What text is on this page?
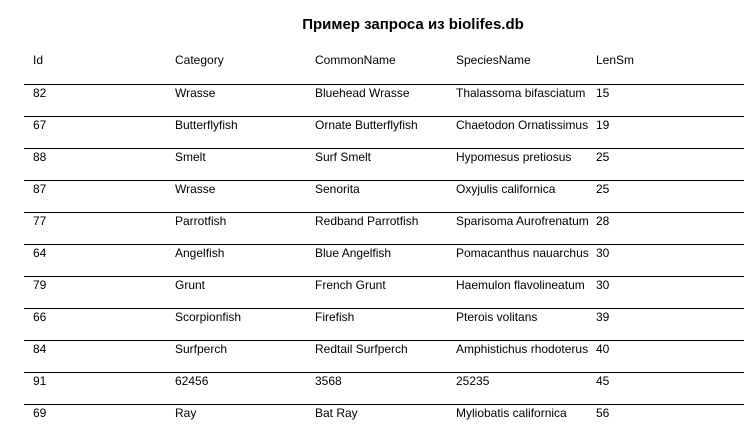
Пример запроса из biolifes.db
Id	Category	CommonName	SpeciesName	LenSm
82	Wrasse	Bluehead Wrasse	Thalassoma bifasciatum 15
67	Butterflyfish	Ornate Butterflyfish	Chaetodon Ornatissimus 19
88	Smelt	Surf Smelt	Hypomesus pretiosus	25
87	Wrasse	Senorita	Oxyjulis californica	25
77	Parrotfish	Redband Parrotfish	Sparisoma Aurofrenatum 28
64	Angelfish	Blue Angelfish	Pomacanthus nauarchus 30
79	Grunt	French Grunt	Haemulon flavolineatum 30
66	Scorpionfish	Firefish	Pterois volitans	39
84	Surfperch	Redtail Surfperch	Amphistichus rhodoterus 40
91	62456	3568	25235	45
69	Ray	Bat Ray	Myliobatis californica	56
